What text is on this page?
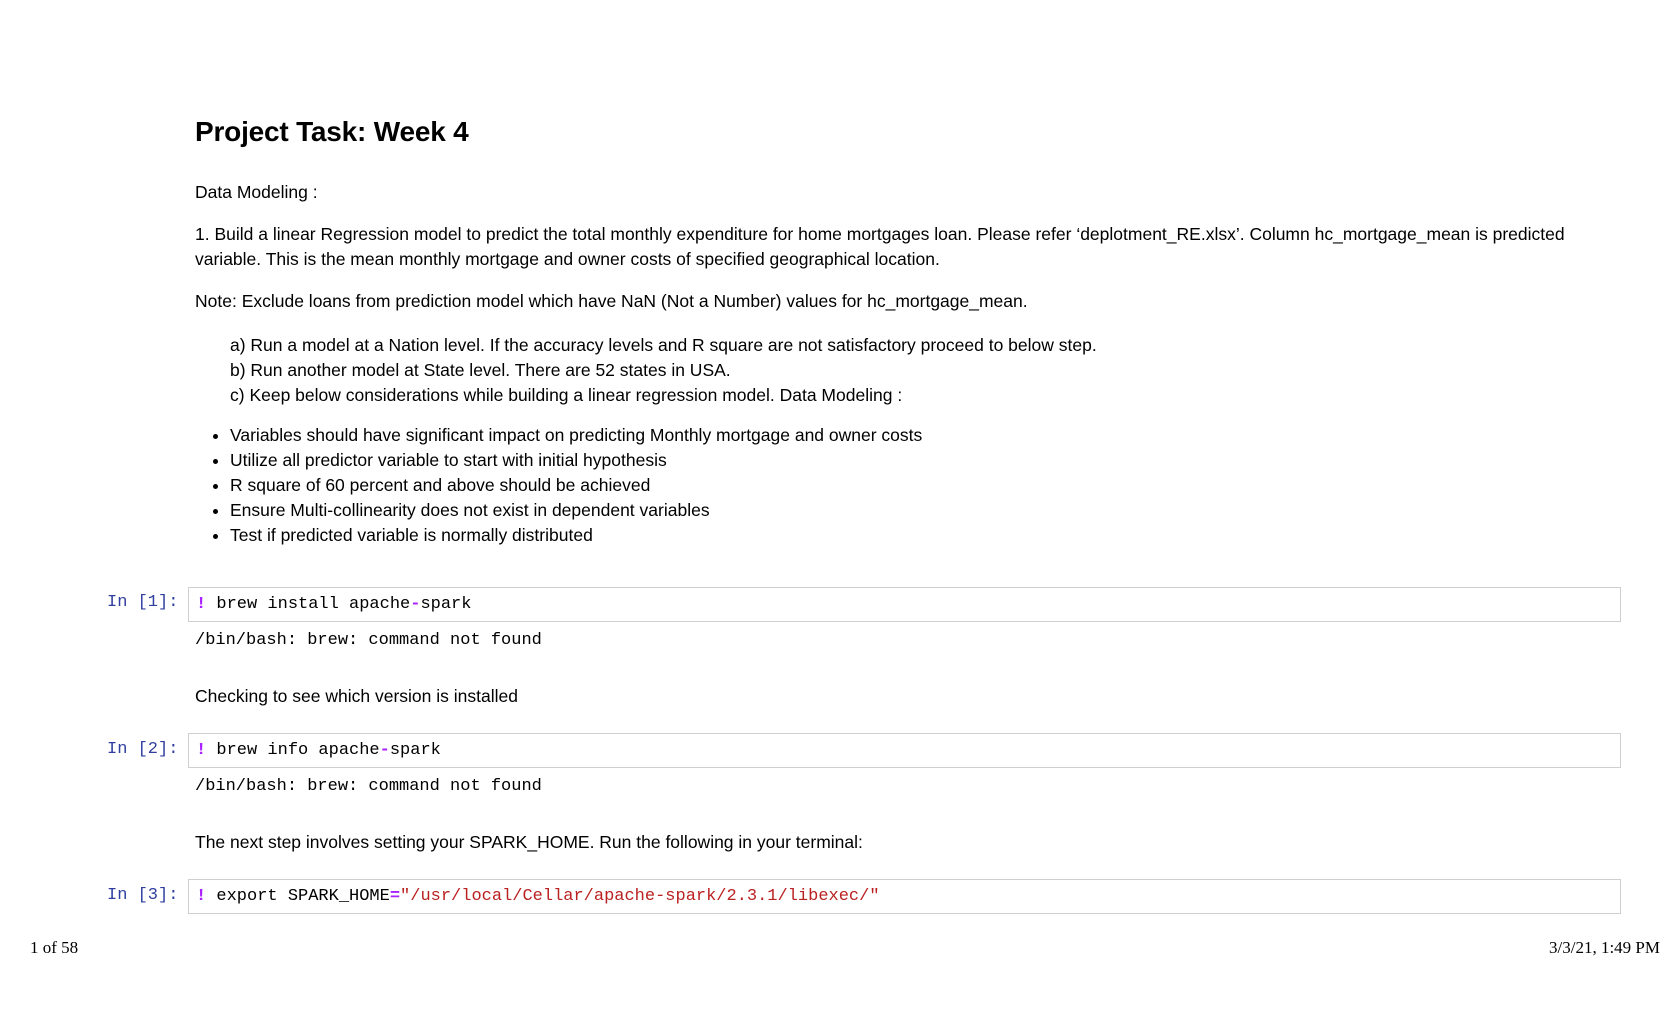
Project Task: Week 4

Data Modeling :

1. Build a linear Regression model to predict the total monthly expenditure for home mortgages loan. Please refer ‘deplotment_RE.xlsx’. Column hc_mortgage_mean is predicted variable. This is the mean monthly mortgage and owner costs of specified geographical location.

Note: Exclude loans from prediction model which have NaN (Not a Number) values for hc_mortgage_mean.

a) Run a model at a Nation level. If the accuracy levels and R square are not satisfactory proceed to below step.
b) Run another model at State level. There are 52 states in USA.
c) Keep below considerations while building a linear regression model. Data Modeling :
• Variables should have significant impact on predicting Monthly mortgage and owner costs
• Utilize all predictor variable to start with initial hypothesis
• R square of 60 percent and above should be achieved
• Ensure Multi-collinearity does not exist in dependent variables
• Test if predicted variable is normally distributed
In [1]:	! brew install apache-spark
/bin/bash: brew: command not found

Checking to see which version is installed

In [2]:	! brew info apache-spark
/bin/bash: brew: command not found

The next step involves setting your SPARK_HOME. Run the following in your terminal:

In [3]:	! export SPARK_HOME="/usr/local/Cellar/apache-spark/2.3.1/libexec/"
1 of 58	3/3/21, 1:49 PM
